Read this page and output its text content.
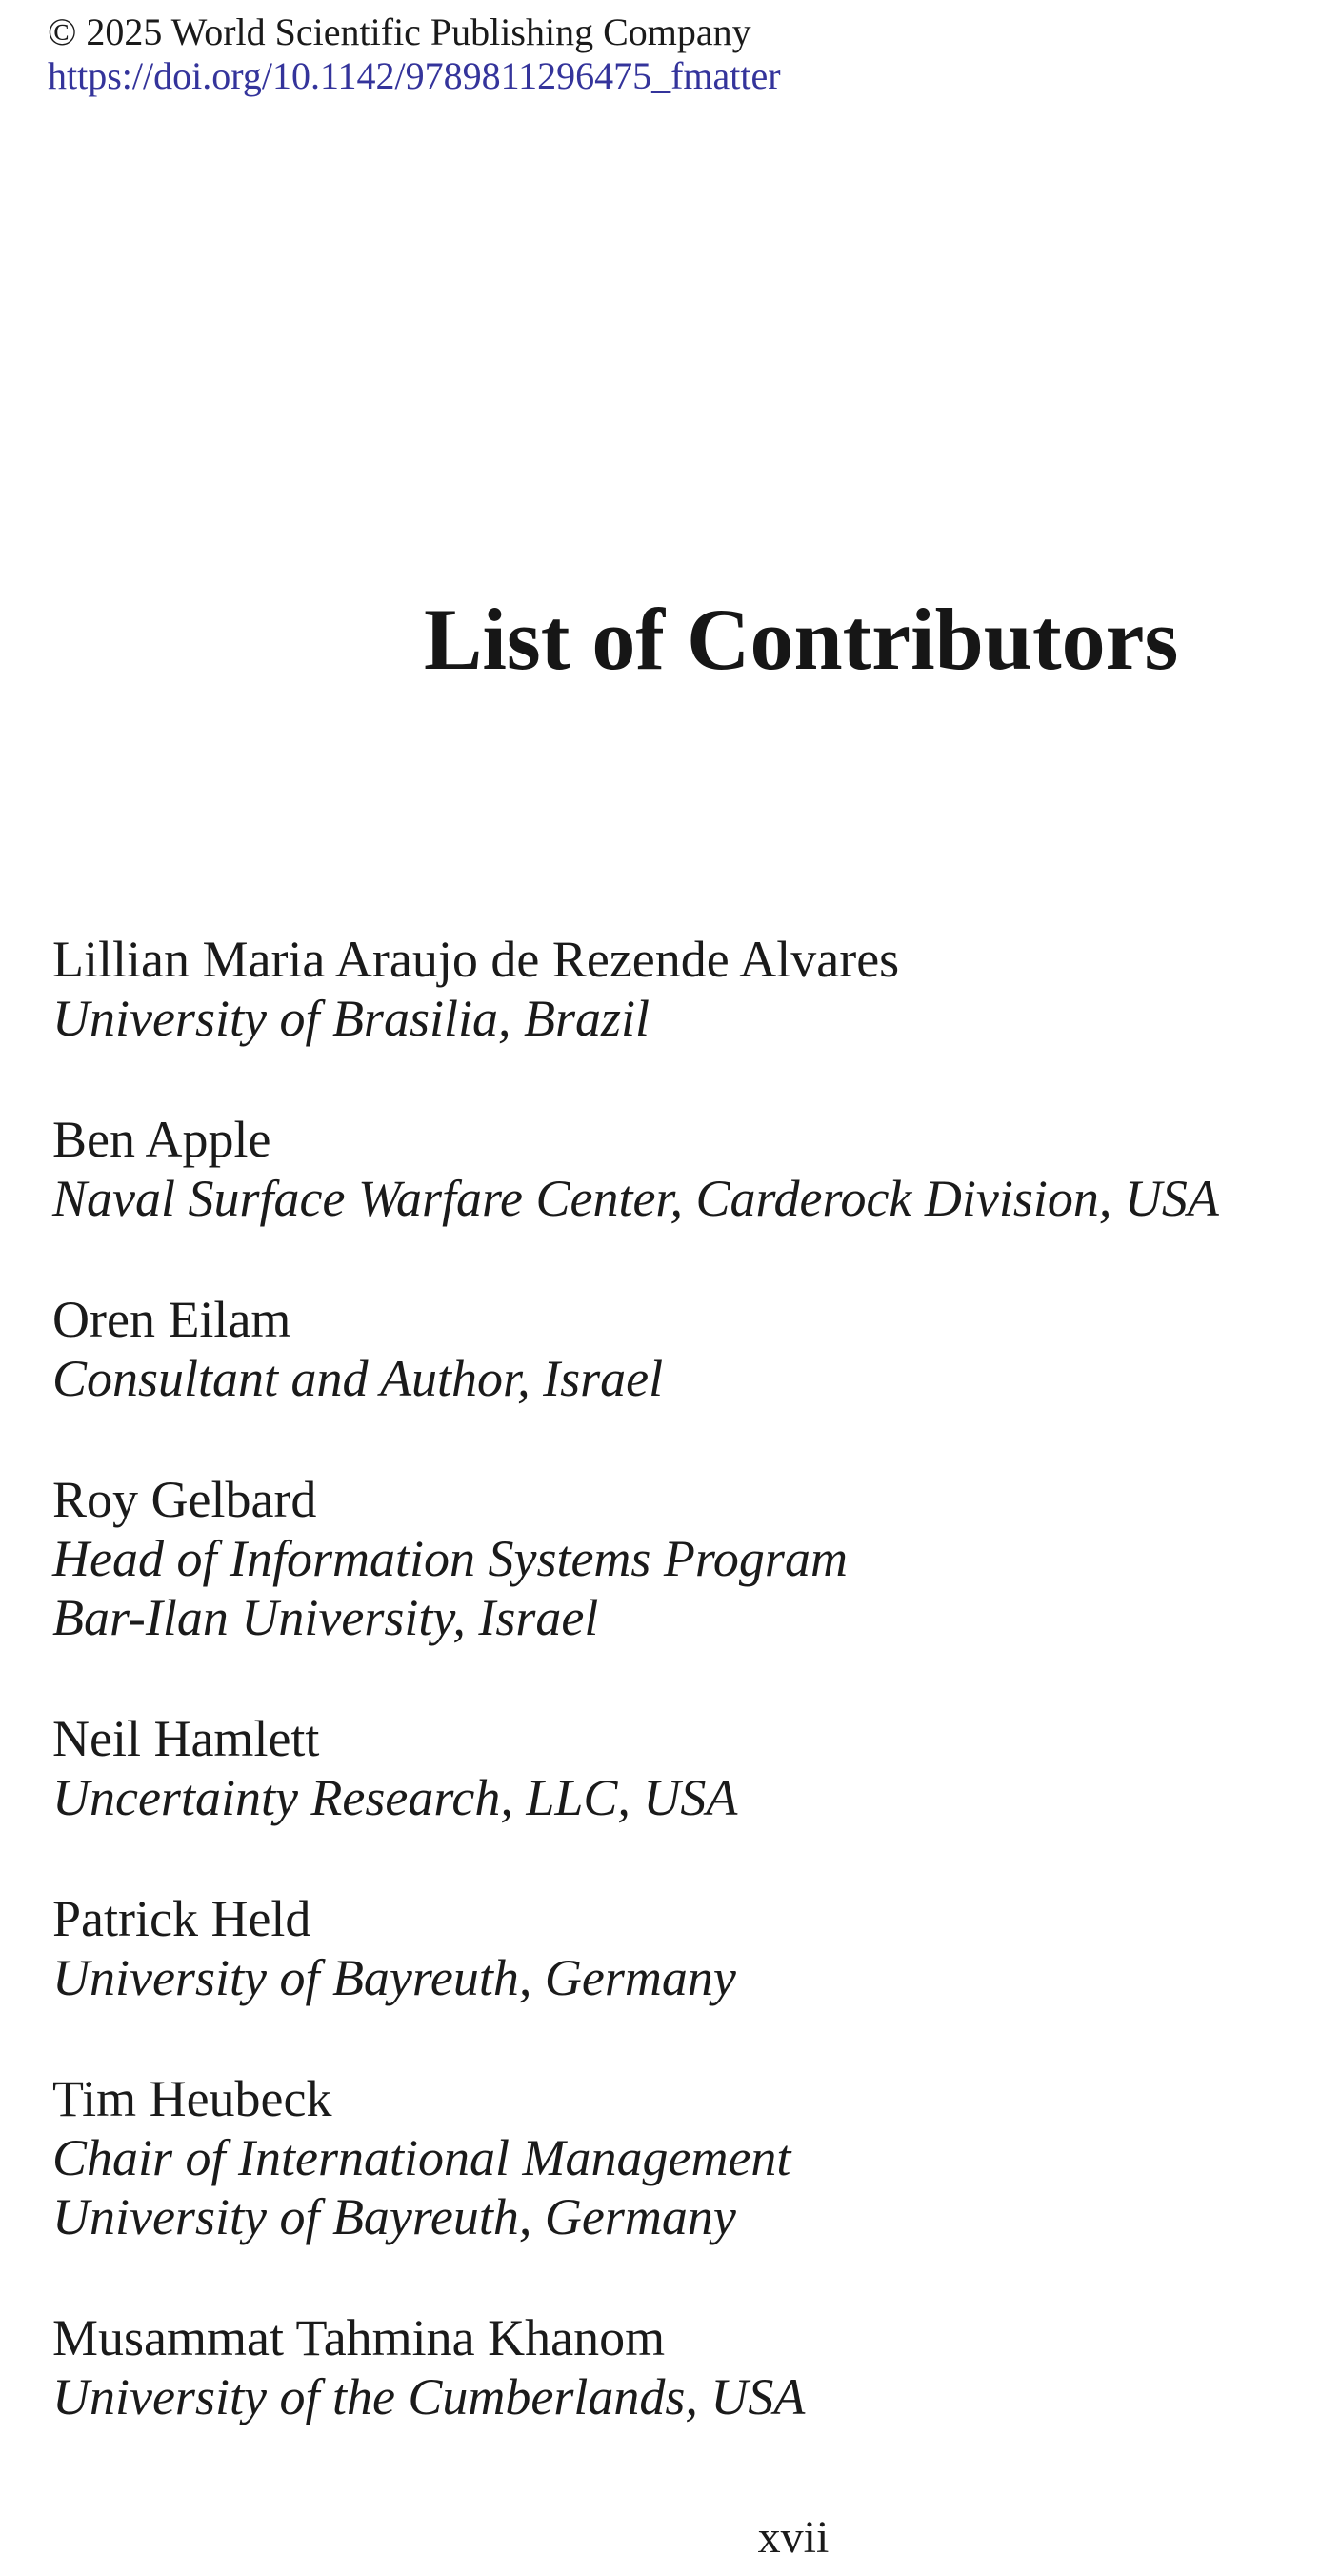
© 2025 World Scientific Publishing Company
https://doi.org/10.1142/9789811296475_fmatter
List of Contributors
Lillian Maria Araujo de Rezende Alvares
University of Brasilia, Brazil
Ben Apple
Naval Surface Warfare Center, Carderock Division, USA
Oren Eilam
Consultant and Author, Israel
Roy Gelbard
Head of Information Systems Program
Bar-Ilan University, Israel
Neil Hamlett
Uncertainty Research, LLC, USA
Patrick Held
University of Bayreuth, Germany
Tim Heubeck
Chair of International Management
University of Bayreuth, Germany
Musammat Tahmina Khanom
University of the Cumberlands, USA
xvii
